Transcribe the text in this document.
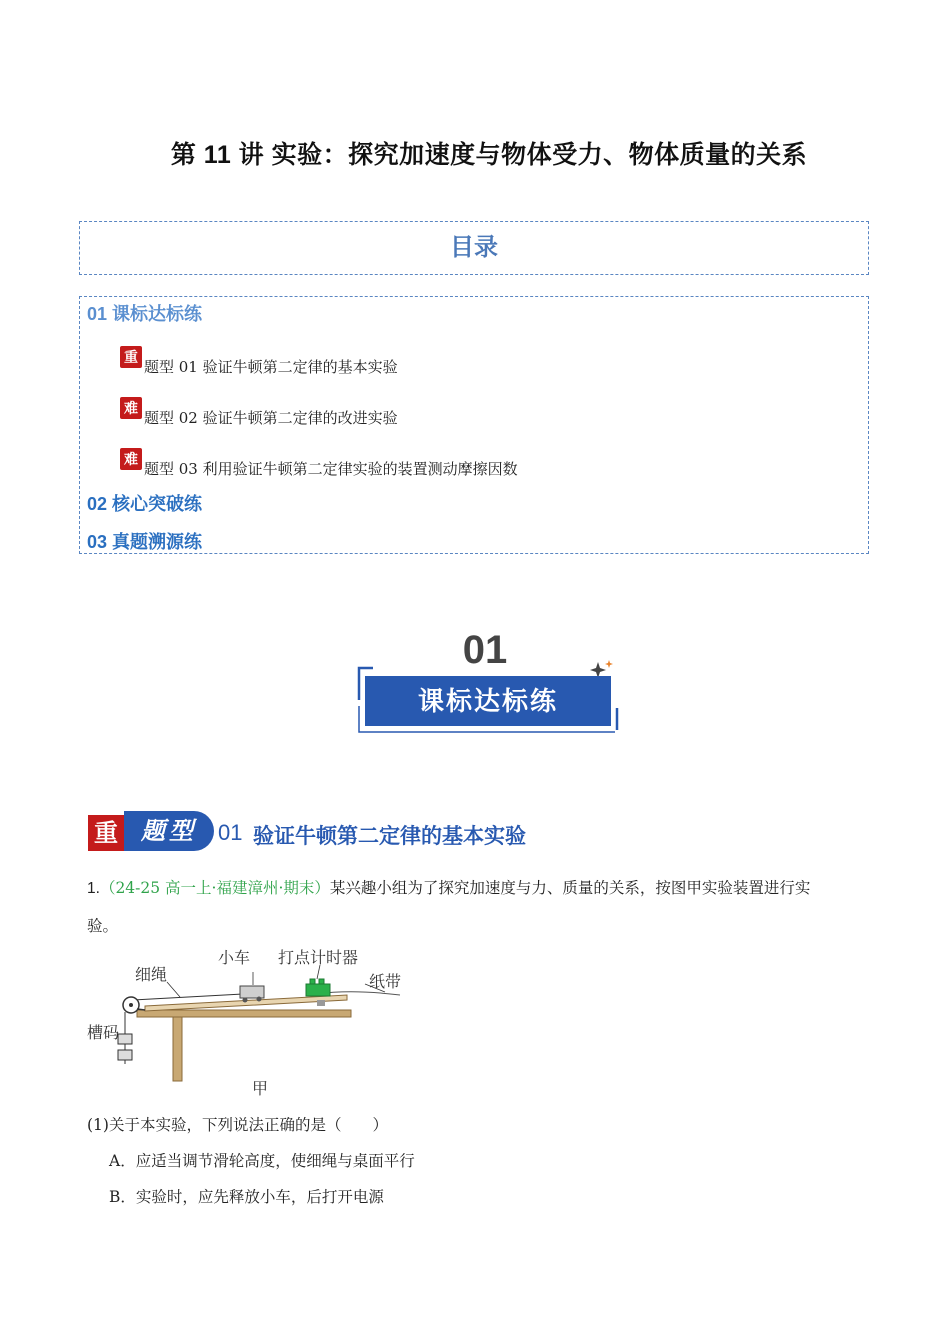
第 11 讲 实验：探究加速度与物体受力、物体质量的关系
目录
01 课标达标练
重
题型 01 验证牛顿第二定律的基本实验
难
题型 02 验证牛顿第二定律的改进实验
难
题型 03 利用验证牛顿第二定律实验的装置测动摩擦因数
02 核心突破练
03 真题溯源练
01
课标达标练
重 题型 01 验证牛顿第二定律的基本实验
1.（24-25 高一上·福建漳州·期末）某兴趣小组为了探究加速度与力、质量的关系，按图甲实验装置进行实
验。
细绳
小车 打点计时器
纸带
槽码
甲
(1)关于本实验，下列说法正确的是（　　）
A．应适当调节滑轮高度，使细绳与桌面平行
B．实验时，应先释放小车，后打开电源
